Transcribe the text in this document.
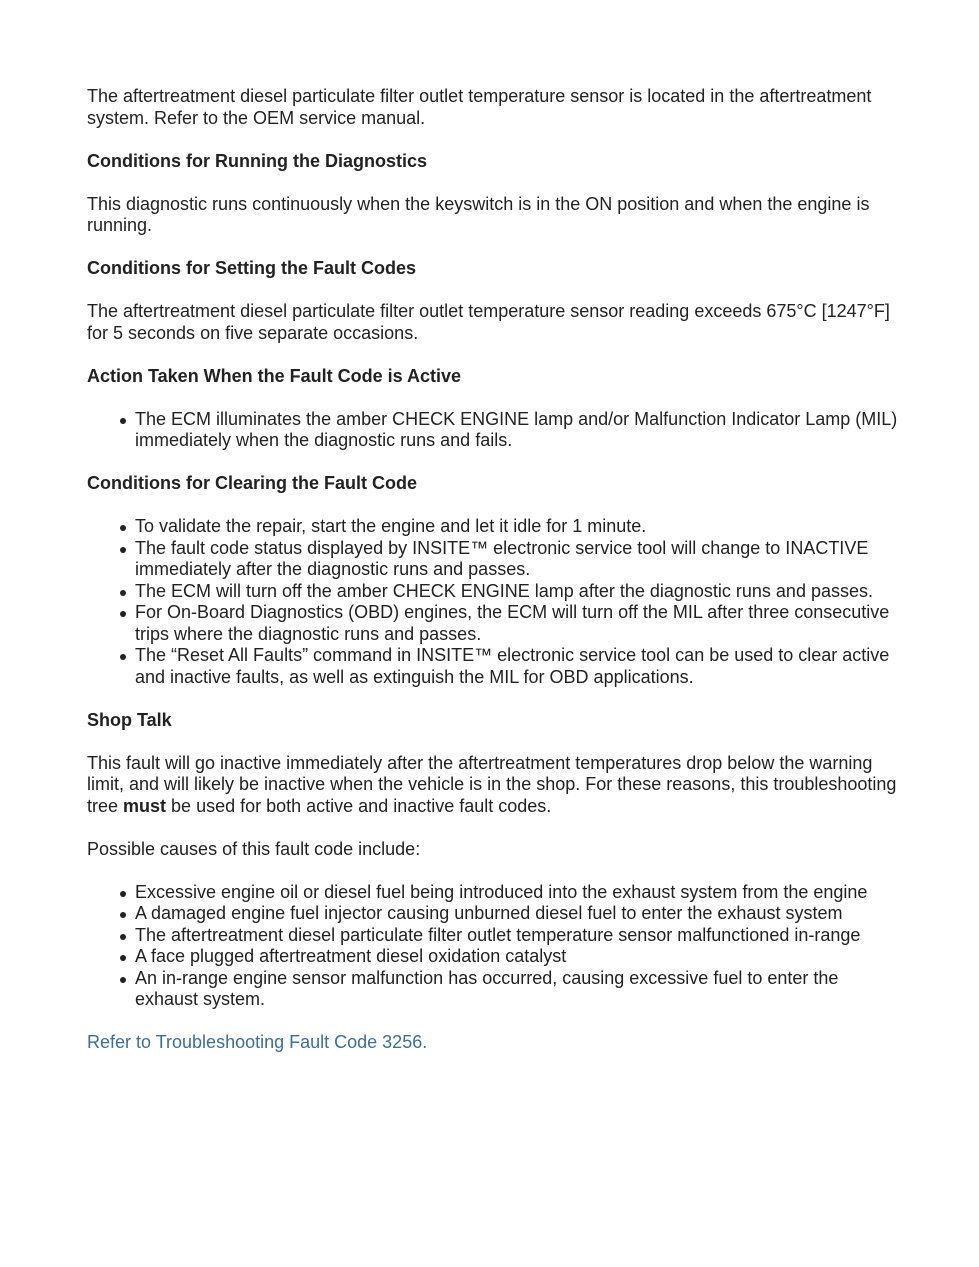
The aftertreatment diesel particulate filter outlet temperature sensor is located in the aftertreatment system. Refer to the OEM service manual.

Conditions for Running the Diagnostics

This diagnostic runs continuously when the keyswitch is in the ON position and when the engine is running.

Conditions for Setting the Fault Codes

The aftertreatment diesel particulate filter outlet temperature sensor reading exceeds 675°C [1247°F] for 5 seconds on five separate occasions.

Action Taken When the Fault Code is Active
The ECM illuminates the amber CHECK ENGINE lamp and/or Malfunction Indicator Lamp (MIL) immediately when the diagnostic runs and fails.
Conditions for Clearing the Fault Code
To validate the repair, start the engine and let it idle for 1 minute.
The fault code status displayed by INSITE™ electronic service tool will change to INACTIVE immediately after the diagnostic runs and passes.
The ECM will turn off the amber CHECK ENGINE lamp after the diagnostic runs and passes.
For On-Board Diagnostics (OBD) engines, the ECM will turn off the MIL after three consecutive trips where the diagnostic runs and passes.
The “Reset All Faults” command in INSITE™ electronic service tool can be used to clear active and inactive faults, as well as extinguish the MIL for OBD applications.
Shop Talk

This fault will go inactive immediately after the aftertreatment temperatures drop below the warning limit, and will likely be inactive when the vehicle is in the shop. For these reasons, this troubleshooting tree must be used for both active and inactive fault codes.

Possible causes of this fault code include:

Excessive engine oil or diesel fuel being introduced into the exhaust system from the engine
A damaged engine fuel injector causing unburned diesel fuel to enter the exhaust system
The aftertreatment diesel particulate filter outlet temperature sensor malfunctioned in-range
A face plugged aftertreatment diesel oxidation catalyst
An in-range engine sensor malfunction has occurred, causing excessive fuel to enter the exhaust system.

Refer to Troubleshooting Fault Code 3256.
